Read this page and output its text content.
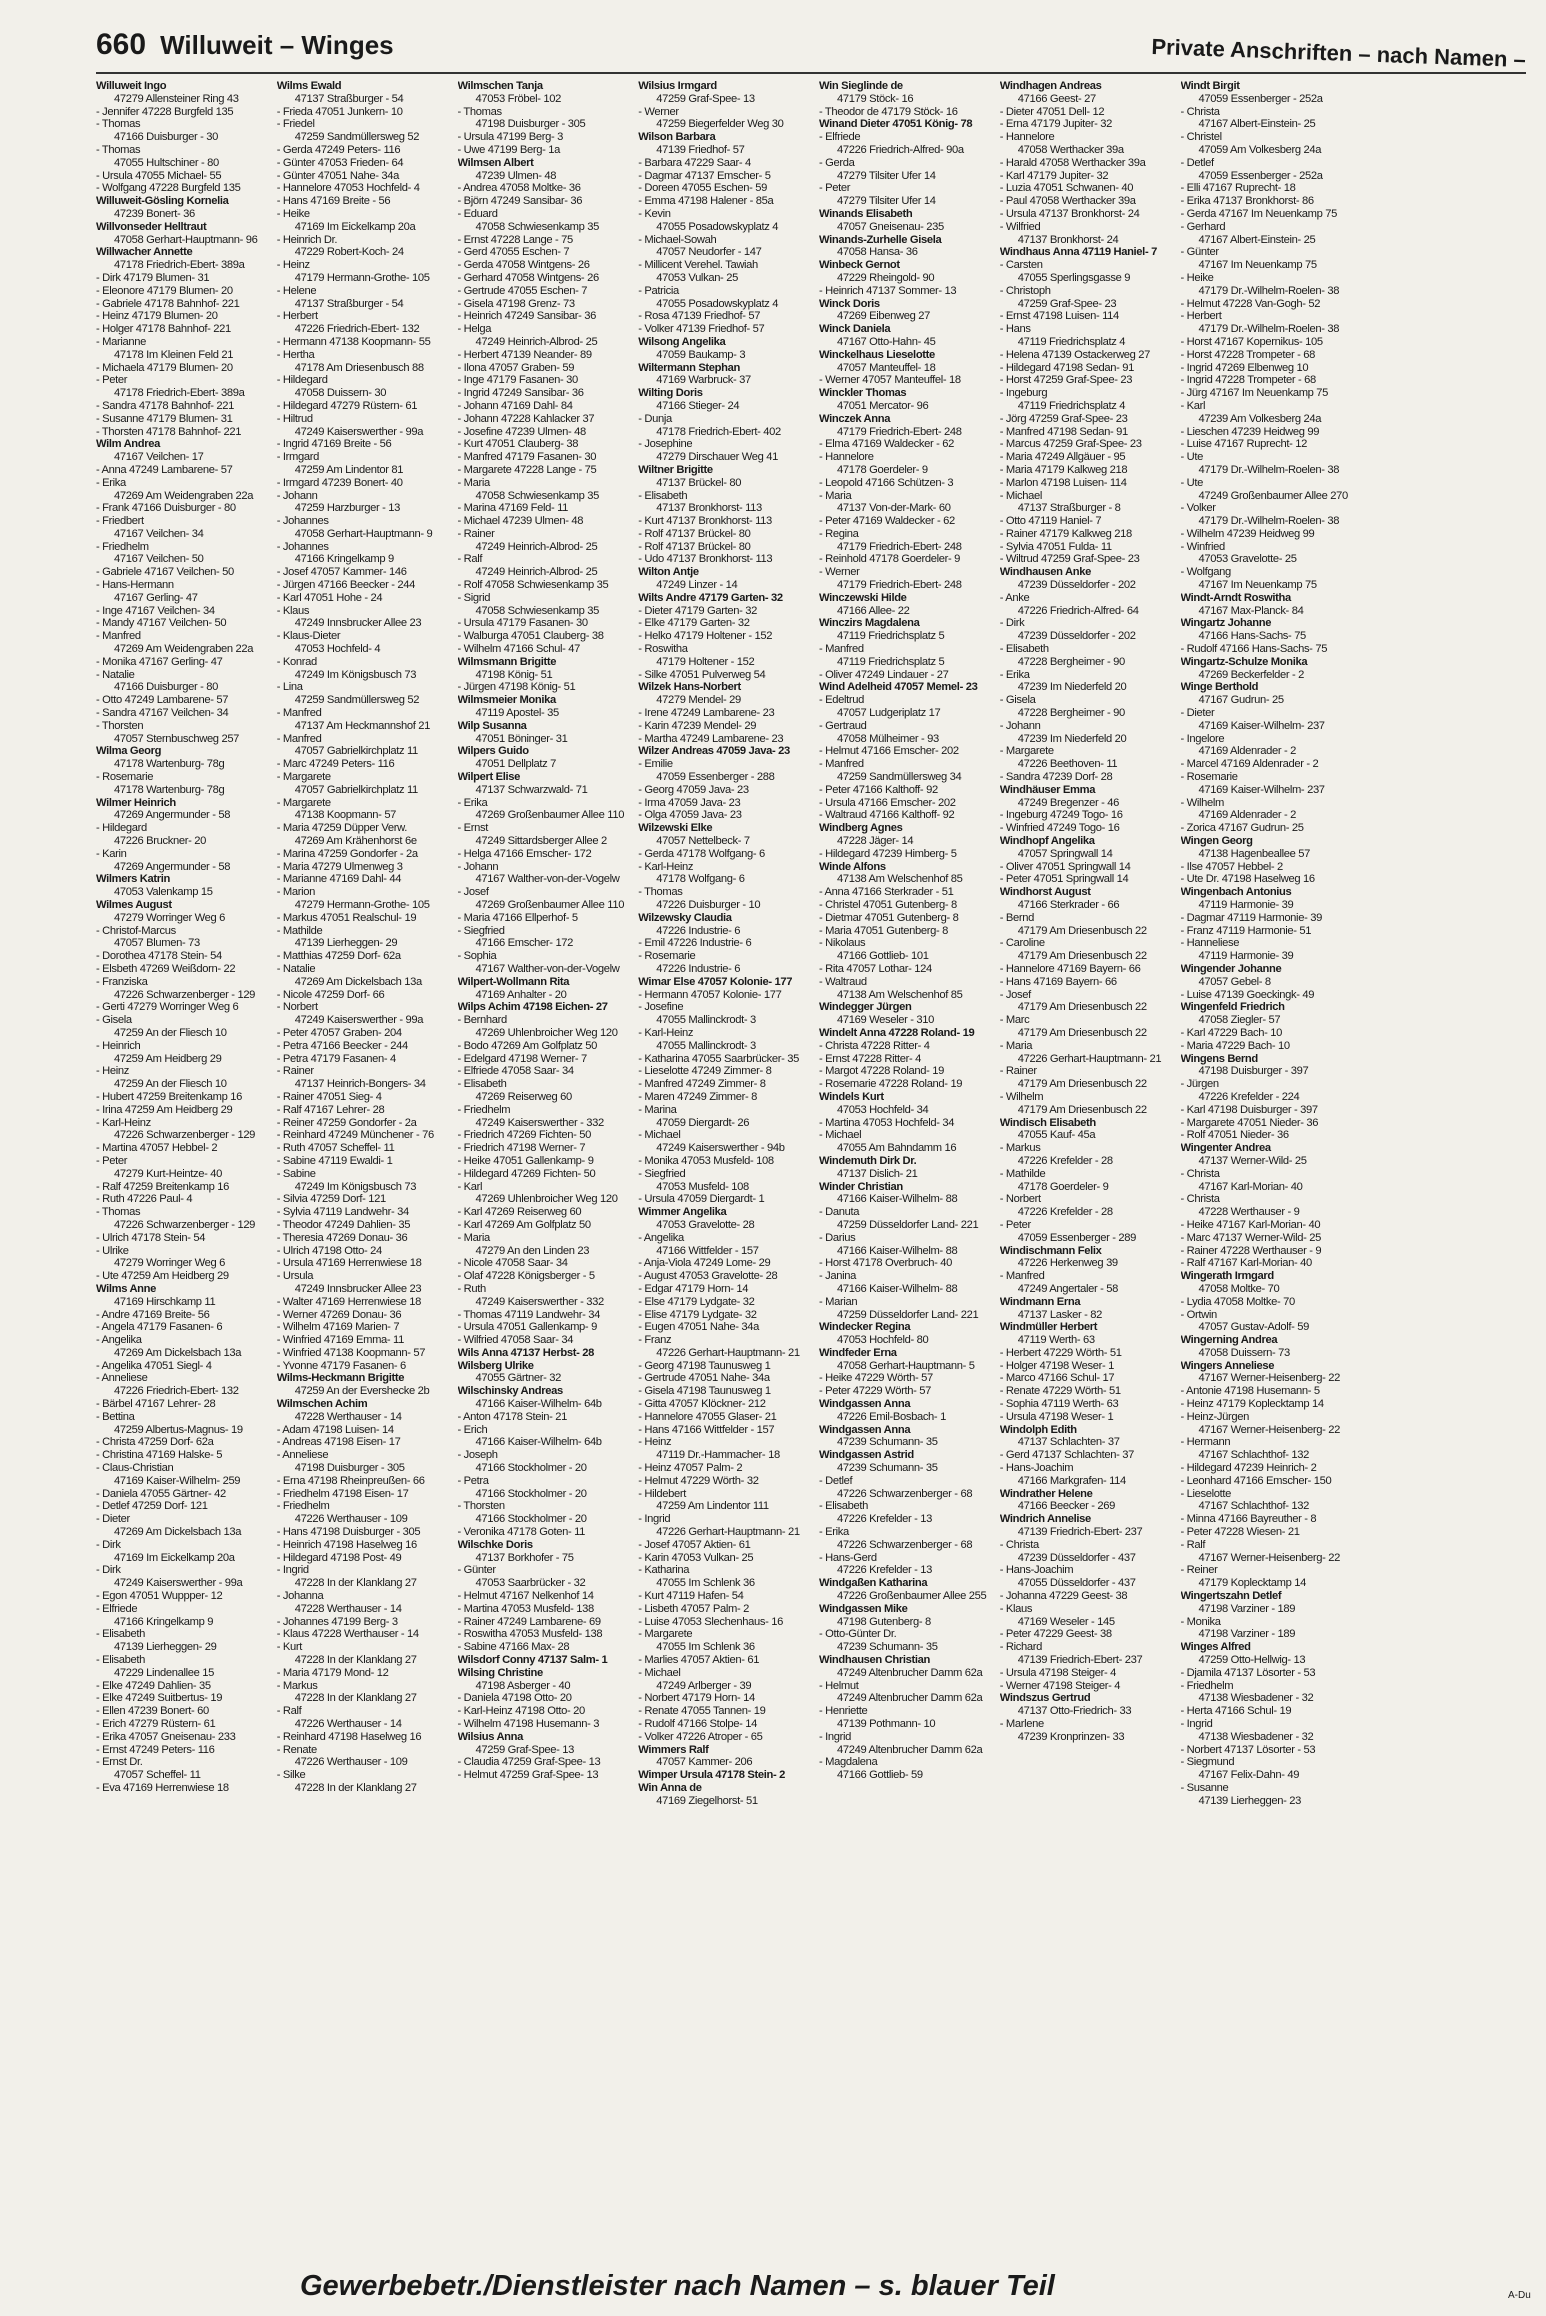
660 Willuweit – Winges	Private Anschriften – nach Namen –
Willuweit Ingo
47279 Allensteiner Ring 43
- Jennifer 47228 Burgfeld 135
- Thomas
47166 Duisburger - 30
- Thomas
47055 Hultschiner - 80
- Ursula 47055 Michael- 55
- Wolfgang 47228 Burgfeld 135
Willuweit-Gösling Kornelia
47239 Bonert- 36
Willvonseder Helltraut
47058 Gerhart-Hauptmann- 96
Willwacher Annette
47178 Friedrich-Ebert- 389a
- Dirk 47179 Blumen- 31
- Eleonore 47179 Blumen- 20
- Gabriele 47178 Bahnhof- 221
- Heinz 47179 Blumen- 20
- Holger 47178 Bahnhof- 221
- Marianne
47178 Im Kleinen Feld 21
- Michaela 47179 Blumen- 20
- Peter
47178 Friedrich-Ebert- 389a
- Sandra 47178 Bahnhof- 221
- Susanne 47179 Blumen- 31
- Thorsten 47178 Bahnhof- 221
Wilm Andrea
47167 Veilchen- 17
- Anna 47249 Lambarene- 57
- Erika
47269 Am Weidengraben 22a
- Frank 47166 Duisburger - 80
- Friedbert
47167 Veilchen- 34
- Friedhelm
47167 Veilchen- 50
- Gabriele 47167 Veilchen- 50
- Hans-Hermann
47167 Gerling- 47
- Inge 47167 Veilchen- 34
- Mandy 47167 Veilchen- 50
- Manfred
47269 Am Weidengraben 22a
- Monika 47167 Gerling- 47
- Natalie
47166 Duisburger - 80
- Otto 47249 Lambarene- 57
- Sandra 47167 Veilchen- 34
- Thorsten
47057 Sternbuschweg 257
Wilma Georg
47178 Wartenburg- 78g
- Rosemarie
47178 Wartenburg- 78g
Wilmer Heinrich
47269 Angermunder - 58
- Hildegard
47226 Bruckner- 20
- Karin
47269 Angermunder - 58
Wilmers Katrin
47053 Valenkamp 15
Wilmes August
47279 Worringer Weg 6
- Christof-Marcus
47057 Blumen- 73
- Dorothea 47178 Stein- 54
- Elsbeth 47269 Weißdorn- 22
- Franziska
47226 Schwarzenberger - 129
- Gerti 47279 Worringer Weg 6
- Gisela
47259 An der Fliesch 10
- Heinrich
47259 Am Heidberg 29
- Heinz
47259 An der Fliesch 10
- Hubert 47259 Breitenkamp 16
- Irina 47259 Am Heidberg 29
- Karl-Heinz
47226 Schwarzenberger - 129
- Martina 47057 Hebbel- 2
- Peter
47279 Kurt-Heintze- 40
- Ralf 47259 Breitenkamp 16
- Ruth 47226 Paul- 4
- Thomas
47226 Schwarzenberger - 129
- Ulrich 47178 Stein- 54
- Ulrike
47279 Worringer Weg 6
- Ute 47259 Am Heidberg 29
Wilms Anne
47169 Hirschkamp 11
- Andre 47169 Breite- 56
- Angela 47179 Fasanen- 6
- Angelika
47269 Am Dickelsbach 13a
- Angelika 47051 Siegl- 4
- Anneliese
47226 Friedrich-Ebert- 132
- Bärbel 47167 Lehrer- 28
- Bettina
47259 Albertus-Magnus- 19
- Christa 47259 Dorf- 62a
- Christina 47169 Halske- 5
- Claus-Christian
47169 Kaiser-Wilhelm- 259
- Daniela 47055 Gärtner- 42
- Detlef 47259 Dorf- 121
- Dieter
47269 Am Dickelsbach 13a
- Dirk
47169 Im Eickelkamp 20a
- Dirk
47249 Kaiserswerther - 99a
- Egon 47051 Wuppper- 12
- Elfriede
47166 Kringelkamp 9
- Elisabeth
47139 Lierheggen- 29
- Elisabeth
47229 Lindenallee 15
- Elke 47249 Dahlien- 35
- Elke 47249 Suitbertus- 19
- Ellen 47239 Bonert- 60
- Erich 47279 Rüstern- 61
- Erika 47057 Gneisenau- 233
- Ernst 47249 Peters- 116
- Ernst Dr.
47057 Scheffel- 11
- Eva 47169 Herrenwiese 18
Wilms Ewald
47137 Straßburger - 54
- Frieda 47051 Junkern- 10
- Friedel
47259 Sandmüllersweg 52
- Gerda 47249 Peters- 116
- Günter 47053 Frieden- 64
- Günter 47051 Nahe- 34a
- Hannelore 47053 Hochfeld- 4
- Hans 47169 Breite - 56
- Heike
47169 Im Eickelkamp 20a
- Heinrich Dr.
47229 Robert-Koch- 24
- Heinz
47179 Hermann-Grothe- 105
- Helene
47137 Straßburger - 54
- Herbert
47226 Friedrich-Ebert- 132
- Hermann 47138 Koopmann- 55
- Hertha
47178 Am Driesenbusch 88
- Hildegard
47058 Duissern- 30
- Hildegard 47279 Rüstern- 61
- Hiltrud
47249 Kaiserswerther - 99a
- Ingrid 47169 Breite - 56
- Irmgard
47259 Am Lindentor 81
- Irmgard 47239 Bonert- 40
- Johann
47259 Harzburger - 13
- Johannes
47058 Gerhart-Hauptmann- 9
- Johannes
47166 Kringelkamp 9
- Josef 47057 Kammer- 146
- Jürgen 47166 Beecker - 244
- Karl 47051 Hohe - 24
- Klaus
47249 Innsbrucker Allee 23
- Klaus-Dieter
47053 Hochfeld- 4
- Konrad
47249 Im Königsbusch 73
- Lina
47259 Sandmüllersweg 52
- Manfred
47137 Am Heckmannshof 21
- Manfred
47057 Gabrielkirchplatz 11
- Marc 47249 Peters- 116
- Margarete
47057 Gabrielkirchplatz 11
- Margarete
47138 Koopmann- 57
- Maria 47259 Düpper Verw.
47269 Am Krähenhorst 6e
- Marina 47259 Gondorfer - 2a
- Maria 47279 Ulmenweg 3
- Marianne 47169 Dahl- 44
- Marion
47279 Hermann-Grothe- 105
- Markus 47051 Realschul- 19
- Mathilde
47139 Lierheggen- 29
- Matthias 47259 Dorf- 62a
- Natalie
47269 Am Dickelsbach 13a
- Nicole 47259 Dorf- 66
- Norbert
47249 Kaiserswerther - 99a
- Peter 47057 Graben- 204
- Petra 47166 Beecker - 244
- Petra 47179 Fasanen- 4
- Rainer
47137 Heinrich-Bongers- 34
- Rainer 47051 Sieg- 4
- Ralf 47167 Lehrer- 28
- Reiner 47259 Gondorfer - 2a
- Reinhard 47249 Münchener - 76
- Ruth 47057 Scheffel- 11
- Sabine 47119 Ewaldi- 1
- Sabine
47249 Im Königsbusch 73
- Silvia 47259 Dorf- 121
- Sylvia 47119 Landwehr- 34
- Theodor 47249 Dahlien- 35
- Theresia 47269 Donau- 36
- Ulrich 47198 Otto- 24
- Ursula 47169 Herrenwiese 18
- Ursula
47249 Innsbrucker Allee 23
- Walter 47169 Herrenwiese 18
- Werner 47269 Donau- 36
- Wilhelm 47169 Marien- 7
- Winfried 47169 Emma- 11
- Winfried 47138 Koopmann- 57
- Yvonne 47179 Fasanen- 6
Wilms-Heckmann Brigitte
47259 An der Evershecke 2b
Wilmschen Achim
47228 Werthauser - 14
- Adam 47198 Luisen- 14
- Andreas 47198 Eisen- 17
- Anneliese
47198 Duisburger - 305
- Erna 47198 Rheinpreußen- 66
- Friedhelm 47198 Eisen- 17
- Friedhelm
47226 Werthauser - 109
- Hans 47198 Duisburger - 305
- Heinrich 47198 Haselweg 16
- Hildegard 47198 Post- 49
- Ingrid
47228 In der Klanklang 27
- Johanna
47228 Werthauser - 14
- Johannes 47199 Berg- 3
- Klaus 47228 Werthauser - 14
- Kurt
47228 In der Klanklang 27
- Maria 47179 Mond- 12
- Markus
47228 In der Klanklang 27
- Ralf
47226 Werthauser - 14
- Reinhard 47198 Haselweg 16
- Renate
47226 Werthauser - 109
- Silke
47228 In der Klanklang 27
Wilmschen Tanja
47053 Fröbel- 102
- Thomas
47198 Duisburger - 305
- Ursula 47199 Berg- 3
- Uwe 47199 Berg- 1a
Wilmsen Albert
47239 Ulmen- 48
- Andrea 47058 Moltke- 36
- Björn 47249 Sansibar- 36
- Eduard
47058 Schwiesenkamp 35
- Ernst 47228 Lange - 75
- Gerd 47055 Eschen- 7
- Gerda 47058 Wintgens- 26
- Gerhard 47058 Wintgens- 26
- Gertrude 47055 Eschen- 7
- Gisela 47198 Grenz- 73
- Heinrich 47249 Sansibar- 36
- Helga
47249 Heinrich-Albrod- 25
- Herbert 47139 Neander- 89
- Ilona 47057 Graben- 59
- Inge 47179 Fasanen- 30
- Ingrid 47249 Sansibar- 36
- Johann 47169 Dahl- 84
- Johann 47228 Kahlacker 37
- Josefine 47239 Ulmen- 48
- Kurt 47051 Clauberg- 38
- Manfred 47179 Fasanen- 30
- Margarete 47228 Lange - 75
- Maria
47058 Schwiesenkamp 35
- Marina 47169 Feld- 11
- Michael 47239 Ulmen- 48
- Rainer
47249 Heinrich-Albrod- 25
- Ralf
47249 Heinrich-Albrod- 25
- Rolf 47058 Schwiesenkamp 35
- Sigrid
47058 Schwiesenkamp 35
- Ursula 47179 Fasanen- 30
- Walburga 47051 Clauberg- 38
- Wilhelm 47166 Schul- 47
Wilmsmann Brigitte
47198 König- 51
- Jürgen 47198 König- 51
Wilmsmeier Monika
47119 Apostel- 35
Wilp Susanna
47051 Böninger- 31
Wilpers Guido
47051 Dellplatz 7
Wilpert Elise
47137 Schwarzwald- 71
- Erika
47269 Großenbaumer Allee 110
- Ernst
47249 Sittardsberger Allee 2
- Helga 47166 Emscher- 172
- Johann
47167 Walther-von-der-Vogelw
- Josef
47269 Großenbaumer Allee 110
- Maria 47166 Ellperhof- 5
- Siegfried
47166 Emscher- 172
- Sophia
47167 Walther-von-der-Vogelw
Wilpert-Wollmann Rita
47169 Anhalter - 20
Wilps Achim 47198 Eichen- 27
- Bernhard
47269 Uhlenbroicher Weg 120
- Bodo 47269 Am Golfplatz 50
- Edelgard 47198 Werner- 7
- Elfriede 47058 Saar- 34
- Elisabeth
47269 Reiserweg 60
- Friedhelm
47249 Kaiserswerther - 332
- Friedrich 47269 Fichten- 50
- Friedrich 47198 Werner- 7
- Heike 47051 Gallenkamp- 9
- Hildegard 47269 Fichten- 50
- Karl
47269 Uhlenbroicher Weg 120
- Karl 47269 Reiserweg 60
- Karl 47269 Am Golfplatz 50
- Maria
47279 An den Linden 23
- Nicole 47058 Saar- 34
- Olaf 47228 Königsberger - 5
- Ruth
47249 Kaiserswerther - 332
- Thomas 47119 Landwehr- 34
- Ursula 47051 Gallenkamp- 9
- Wilfried 47058 Saar- 34
Wils Anna 47137 Herbst- 28
Wilsberg Ulrike
47055 Gärtner- 32
Wilschinsky Andreas
47166 Kaiser-Wilhelm- 64b
- Anton 47178 Stein- 21
- Erich
47166 Kaiser-Wilhelm- 64b
- Joseph
47166 Stockholmer - 20
- Petra
47166 Stockholmer - 20
- Thorsten
47166 Stockholmer - 20
- Veronika 47178 Goten- 11
Wilschke Doris
47137 Borkhofer - 75
- Günter
47053 Saarbrücker - 32
- Helmut 47167 Nelkenhof 14
- Martina 47053 Musfeld- 138
- Rainer 47249 Lambarene- 69
- Roswitha 47053 Musfeld- 138
- Sabine 47166 Max- 28
Wilsdorf Conny 47137 Salm- 1
Wilsing Christine
47198 Asberger - 40
- Daniela 47198 Otto- 20
- Karl-Heinz 47198 Otto- 20
- Wilhelm 47198 Husemann- 3
Wilsius Anna
47259 Graf-Spee- 13
- Claudia 47259 Graf-Spee- 13
- Helmut 47259 Graf-Spee- 13
Wilsius Irmgard
47259 Graf-Spee- 13
- Werner
47259 Biegerfelder Weg 30
Wilson Barbara
47139 Friedhof- 57
- Barbara 47229 Saar- 4
- Dagmar 47137 Emscher- 5
- Doreen 47055 Eschen- 59
- Emma 47198 Halener - 85a
- Kevin
47055 Posadowskyplatz 4
- Michael-Sowah
47057 Neudorfer - 147
- Millicent Verehel. Tawiah
47053 Vulkan- 25
- Patricia
47055 Posadowskyplatz 4
- Rosa 47139 Friedhof- 57
- Volker 47139 Friedhof- 57
Wilsong Angelika
47059 Baukamp- 3
Wiltermann Stephan
47169 Warbruck- 37
Wilting Doris
47166 Stieger- 24
- Dunja
47178 Friedrich-Ebert- 402
- Josephine
47279 Dirschauer Weg 41
Wiltner Brigitte
47137 Brückel- 80
- Elisabeth
47137 Bronkhorst- 113
- Kurt 47137 Bronkhorst- 113
- Rolf 47137 Brückel- 80
- Rolf 47137 Brückel- 80
- Udo 47137 Bronkhorst- 113
Wilton Antje
47249 Linzer - 14
Wilts Andre 47179 Garten- 32
- Dieter 47179 Garten- 32
- Elke 47179 Garten- 32
- Helko 47179 Holtener - 152
- Roswitha
47179 Holtener - 152
- Silke 47051 Pulverweg 54
Wilzek Hans-Norbert
47279 Mendel- 29
- Irene 47249 Lambarene- 23
- Karin 47239 Mendel- 29
- Martha 47249 Lambarene- 23
Wilzer Andreas 47059 Java- 23
- Emilie
47059 Essenberger - 288
- Georg 47059 Java- 23
- Irma 47059 Java- 23
- Olga 47059 Java- 23
Wilzewski Elke
47057 Nettelbeck- 7
- Gerda 47178 Wolfgang- 6
- Karl-Heinz
47178 Wolfgang- 6
- Thomas
47226 Duisburger - 10
Wilzewsky Claudia
47226 Industrie- 6
- Emil 47226 Industrie- 6
- Rosemarie
47226 Industrie- 6
Wimar Else 47057 Kolonie- 177
- Hermann 47057 Kolonie- 177
- Josefine
47055 Mallinckrodt- 3
- Karl-Heinz
47055 Mallinckrodt- 3
- Katharina 47055 Saarbrücker- 35
- Lieselotte 47249 Zimmer- 8
- Manfred 47249 Zimmer- 8
- Maren 47249 Zimmer- 8
- Marina
47059 Diergardt- 26
- Michael
47249 Kaiserswerther - 94b
- Monika 47053 Musfeld- 108
- Siegfried
47053 Musfeld- 108
- Ursula 47059 Diergardt- 1
Wimmer Angelika
47053 Gravelotte- 28
- Angelika
47166 Wittfelder - 157
- Anja-Viola 47249 Lome- 29
- August 47053 Gravelotte- 28
- Edgar 47179 Horn- 14
- Else 47179 Lydgate- 32
- Elise 47179 Lydgate- 32
- Eugen 47051 Nahe- 34a
- Franz
47226 Gerhart-Hauptmann- 21
- Georg 47198 Taunusweg 1
- Gertrude 47051 Nahe- 34a
- Gisela 47198 Taunusweg 1
- Gitta 47057 Klöckner- 212
- Hannelore 47055 Glaser- 21
- Hans 47166 Wittfelder - 157
- Heinz
47119 Dr.-Hammacher- 18
- Heinz 47057 Palm- 2
- Helmut 47229 Wörth- 32
- Hildebert
47259 Am Lindentor 111
- Ingrid
47226 Gerhart-Hauptmann- 21
- Josef 47057 Aktien- 61
- Karin 47053 Vulkan- 25
- Katharina
47055 Im Schlenk 36
- Kurt 47119 Hafen- 54
- Lisbeth 47057 Palm- 2
- Luise 47053 Slechenhaus- 16
- Margarete
47055 Im Schlenk 36
- Marlies 47057 Aktien- 61
- Michael
47249 Arlberger - 39
- Norbert 47179 Horn- 14
- Renate 47055 Tannen- 19
- Rudolf 47166 Stolpe- 14
- Volker 47226 Atroper - 65
Wimmers Ralf
47057 Kammer- 206
Wimper Ursula 47178 Stein- 2
Win Anna de
47169 Ziegelhorst- 51
Win Sieglinde de
47179 Stöck- 16
- Theodor de 47179 Stöck- 16
Winand Dieter 47051 König- 78
- Elfriede
47226 Friedrich-Alfred- 90a
- Gerda
47279 Tilsiter Ufer 14
- Peter
47279 Tilsiter Ufer 14
Winands Elisabeth
47057 Gneisenau- 235
Winands-Zurhelle Gisela
47058 Hansa- 36
Winbeck Gernot
47229 Rheingold- 90
- Heinrich 47137 Sommer- 13
Winck Doris
47269 Eibenweg 27
Winck Daniela
47167 Otto-Hahn- 45
Winckelhaus Lieselotte
47057 Manteuffel- 18
- Werner 47057 Manteuffel- 18
Winckler Thomas
47051 Mercator- 96
Winczek Anna
47179 Friedrich-Ebert- 248
- Elma 47169 Waldecker - 62
- Hannelore
47178 Goerdeler- 9
- Leopold 47166 Schützen- 3
- Maria
47137 Von-der-Mark- 60
- Peter 47169 Waldecker - 62
- Regina
47179 Friedrich-Ebert- 248
- Reinhold 47178 Goerdeler- 9
- Werner
47179 Friedrich-Ebert- 248
Winczewski Hilde
47166 Allee- 22
Winczirs Magdalena
47119 Friedrichsplatz 5
- Manfred
47119 Friedrichsplatz 5
- Oliver 47249 Lindauer - 27
Wind Adelheid 47057 Memel- 23
- Edeltrud
47057 Ludgeriplatz 17
- Gertraud
47058 Mülheimer - 93
- Helmut 47166 Emscher- 202
- Manfred
47259 Sandmüllersweg 34
- Peter 47166 Kalthoff- 92
- Ursula 47166 Emscher- 202
- Waltraud 47166 Kalthoff- 92
Windberg Agnes
47228 Jäger- 14
- Hildegard 47239 Himberg- 5
Winde Alfons
47138 Am Welschenhof 85
- Anna 47166 Sterkrader - 51
- Christel 47051 Gutenberg- 8
- Dietmar 47051 Gutenberg- 8
- Maria 47051 Gutenberg- 8
- Nikolaus
47166 Gottlieb- 101
- Rita 47057 Lothar- 124
- Waltraud
47138 Am Welschenhof 85
Windegger Jürgen
47169 Weseler - 310
Windelt Anna 47228 Roland- 19
- Christa 47228 Ritter- 4
- Ernst 47228 Ritter- 4
- Margot 47228 Roland- 19
- Rosemarie 47228 Roland- 19
Windels Kurt
47053 Hochfeld- 34
- Martina 47053 Hochfeld- 34
- Michael
47055 Am Bahndamm 16
Windemuth Dirk Dr.
47137 Dislich- 21
Winder Christian
47166 Kaiser-Wilhelm- 88
- Danuta
47259 Düsseldorfer Land- 221
- Darius
47166 Kaiser-Wilhelm- 88
- Horst 47178 Overbruch- 40
- Janina
47166 Kaiser-Wilhelm- 88
- Marian
47259 Düsseldorfer Land- 221
Windecker Regina
47053 Hochfeld- 80
Windfeder Erna
47058 Gerhart-Hauptmann- 5
- Heike 47229 Wörth- 57
- Peter 47229 Wörth- 57
Windgassen Anna
47226 Emil-Bosbach- 1
Windgassen Anna
47239 Schumann- 35
Windgassen Astrid
47239 Schumann- 35
- Detlef
47226 Schwarzenberger - 68
- Elisabeth
47226 Krefelder - 13
- Erika
47226 Schwarzenberger - 68
- Hans-Gerd
47226 Krefelder - 13
Windgaßen Katharina
47226 Großenbaumer Allee 255
Windgassen Mike
47198 Gutenberg- 8
- Otto-Günter Dr.
47239 Schumann- 35
Windhausen Christian
47249 Altenbrucher Damm 62a
- Helmut
47249 Altenbrucher Damm 62a
- Henriette
47139 Pothmann- 10
- Ingrid
47249 Altenbrucher Damm 62a
- Magdalena
47166 Gottlieb- 59
Windhagen Andreas
47166 Geest- 27
- Dieter 47051 Dell- 12
- Erna 47179 Jupiter- 32
- Hannelore
47058 Werthacker 39a
- Harald 47058 Werthacker 39a
- Karl 47179 Jupiter- 32
- Luzia 47051 Schwanen- 40
- Paul 47058 Werthacker 39a
- Ursula 47137 Bronkhorst- 24
- Wilfried
47137 Bronkhorst- 24
Windhaus Anna 47119 Haniel- 7
- Carsten
47055 Sperlingsgasse 9
- Christoph
47259 Graf-Spee- 23
- Ernst 47198 Luisen- 114
- Hans
47119 Friedrichsplatz 4
- Helena 47139 Ostackerweg 27
- Hildegard 47198 Sedan- 91
- Horst 47259 Graf-Spee- 23
- Ingeburg
47119 Friedrichsplatz 4
- Jörg 47259 Graf-Spee- 23
- Manfred 47198 Sedan- 91
- Marcus 47259 Graf-Spee- 23
- Maria 47249 Allgäuer - 95
- Maria 47179 Kalkweg 218
- Marlon 47198 Luisen- 114
- Michael
47137 Straßburger - 8
- Otto 47119 Haniel- 7
- Rainer 47179 Kalkweg 218
- Sylvia 47051 Fulda- 11
- Wiltrud 47259 Graf-Spee- 23
Windhausen Anke
47239 Düsseldorfer - 202
- Anke
47226 Friedrich-Alfred- 64
- Dirk
47239 Düsseldorfer - 202
- Elisabeth
47228 Bergheimer - 90
- Erika
47239 Im Niederfeld 20
- Gisela
47228 Bergheimer - 90
- Johann
47239 Im Niederfeld 20
- Margarete
47226 Beethoven- 11
- Sandra 47239 Dorf- 28
Windhäuser Emma
47249 Bregenzer - 46
- Ingeburg 47249 Togo- 16
- Winfried 47249 Togo- 16
Windhopf Angelika
47057 Springwall 14
- Oliver 47051 Springwall 14
- Peter 47051 Springwall 14
Windhorst August
47166 Sterkrader - 66
- Bernd
47179 Am Driesenbusch 22
- Caroline
47179 Am Driesenbusch 22
- Hannelore 47169 Bayern- 66
- Hans 47169 Bayern- 66
- Josef
47179 Am Driesenbusch 22
- Marc
47179 Am Driesenbusch 22
- Maria
47226 Gerhart-Hauptmann- 21
- Rainer
47179 Am Driesenbusch 22
- Wilhelm
47179 Am Driesenbusch 22
Windisch Elisabeth
47055 Kauf- 45a
- Markus
47226 Krefelder - 28
- Mathilde
47178 Goerdeler- 9
- Norbert
47226 Krefelder - 28
- Peter
47059 Essenberger - 289
Windischmann Felix
47226 Herkenweg 39
- Manfred
47249 Angertaler - 58
Windmann Erna
47137 Lasker - 82
Windmüller Herbert
47119 Werth- 63
- Herbert 47229 Wörth- 51
- Holger 47198 Weser- 1
- Marco 47166 Schul- 17
- Renate 47229 Wörth- 51
- Sophia 47119 Werth- 63
- Ursula 47198 Weser- 1
Windolph Edith
47137 Schlachten- 37
- Gerd 47137 Schlachten- 37
- Hans-Joachim
47166 Markgrafen- 114
Windrather Helene
47166 Beecker - 269
Windrich Annelise
47139 Friedrich-Ebert- 237
- Christa
47239 Düsseldorfer - 437
- Hans-Joachim
47055 Düsseldorfer - 437
- Johanna 47229 Geest- 38
- Klaus
47169 Weseler - 145
- Peter 47229 Geest- 38
- Richard
47139 Friedrich-Ebert- 237
- Ursula 47198 Steiger- 4
- Werner 47198 Steiger- 4
Windszus Gertrud
47137 Otto-Friedrich- 33
- Marlene
47239 Kronprinzen- 33
Windt Birgit
47059 Essenberger - 252a
- Christa
47167 Albert-Einstein- 25
- Christel
47059 Am Volkesberg 24a
- Detlef
47059 Essenberger - 252a
- Elli 47167 Ruprecht- 18
- Erika 47137 Bronkhorst- 86
- Gerda 47167 Im Neuenkamp 75
- Gerhard
47167 Albert-Einstein- 25
- Günter
47167 Im Neuenkamp 75
- Heike
47179 Dr.-Wilhelm-Roelen- 38
- Helmut 47228 Van-Gogh- 52
- Herbert
47179 Dr.-Wilhelm-Roelen- 38
- Horst 47167 Kopernikus- 105
- Horst 47228 Trompeter - 68
- Ingrid 47269 Elbenweg 10
- Ingrid 47228 Trompeter - 68
- Jürg 47167 Im Neuenkamp 75
- Karl
47239 Am Volkesberg 24a
- Lieschen 47239 Heidweg 99
- Luise 47167 Ruprecht- 12
- Ute
47179 Dr.-Wilhelm-Roelen- 38
- Ute
47249 Großenbaumer Allee 270
- Volker
47179 Dr.-Wilhelm-Roelen- 38
- Wilhelm 47239 Heidweg 99
- Winfried
47053 Gravelotte- 25
- Wolfgang
47167 Im Neuenkamp 75
Windt-Arndt Roswitha
47167 Max-Planck- 84
Wingartz Johanne
47166 Hans-Sachs- 75
- Rudolf 47166 Hans-Sachs- 75
Wingartz-Schulze Monika
47269 Beckerfelder - 2
Winge Berthold
47167 Gudrun- 25
- Dieter
47169 Kaiser-Wilhelm- 237
- Ingelore
47169 Aldenrader - 2
- Marcel 47169 Aldenrader - 2
- Rosemarie
47169 Kaiser-Wilhelm- 237
- Wilhelm
47169 Aldenrader - 2
- Zorica 47167 Gudrun- 25
Wingen Georg
47138 Hagenbeallee 57
- Ilse 47057 Hebbel- 2
- Ute Dr. 47198 Haselweg 16
Wingenbach Antonius
47119 Harmonie- 39
- Dagmar 47119 Harmonie- 39
- Franz 47119 Harmonie- 51
- Hanneliese
47119 Harmonie- 39
Wingender Johanne
47057 Gebel- 8
- Luise 47139 Goeckingk- 49
Wingenfeld Friedrich
47058 Ziegler- 57
- Karl 47229 Bach- 10
- Maria 47229 Bach- 10
Wingens Bernd
47198 Duisburger - 397
- Jürgen
47226 Krefelder - 224
- Karl 47198 Duisburger - 397
- Margarete 47051 Nieder- 36
- Rolf 47051 Nieder- 36
Wingenter Andrea
47137 Werner-Wild- 25
- Christa
47167 Karl-Morian- 40
- Christa
47228 Werthauser - 9
- Heike 47167 Karl-Morian- 40
- Marc 47137 Werner-Wild- 25
- Rainer 47228 Werthauser - 9
- Ralf 47167 Karl-Morian- 40
Wingerath Irmgard
47058 Moltke- 70
- Lydia 47058 Moltke- 70
- Ortwin
47057 Gustav-Adolf- 59
Wingerning Andrea
47058 Duissern- 73
Wingers Anneliese
47167 Werner-Heisenberg- 22
- Antonie 47198 Husemann- 5
- Heinz 47179 Koplecktamp 14
- Heinz-Jürgen
47167 Werner-Heisenberg- 22
- Hermann
47167 Schlachthof- 132
- Hildegard 47239 Heinrich- 2
- Leonhard 47166 Emscher- 150
- Lieselotte
47167 Schlachthof- 132
- Minna 47166 Bayreuther - 8
- Peter 47228 Wiesen- 21
- Ralf
47167 Werner-Heisenberg- 22
- Reiner
47179 Koplecktamp 14
Wingertszahn Detlef
47198 Varziner - 189
- Monika
47198 Varziner - 189
Winges Alfred
47259 Otto-Hellwig- 13
- Djamila 47137 Lösorter - 53
- Friedhelm
47138 Wiesbadener - 32
- Herta 47166 Schul- 19
- Ingrid
47138 Wiesbadener - 32
- Norbert 47137 Lösorter - 53
- Siegmund
47167 Felix-Dahn- 49
- Susanne
47139 Lierheggen- 23
Gewerbebetr./Dienstleister nach Namen – s. blauer Teil	A-Du
